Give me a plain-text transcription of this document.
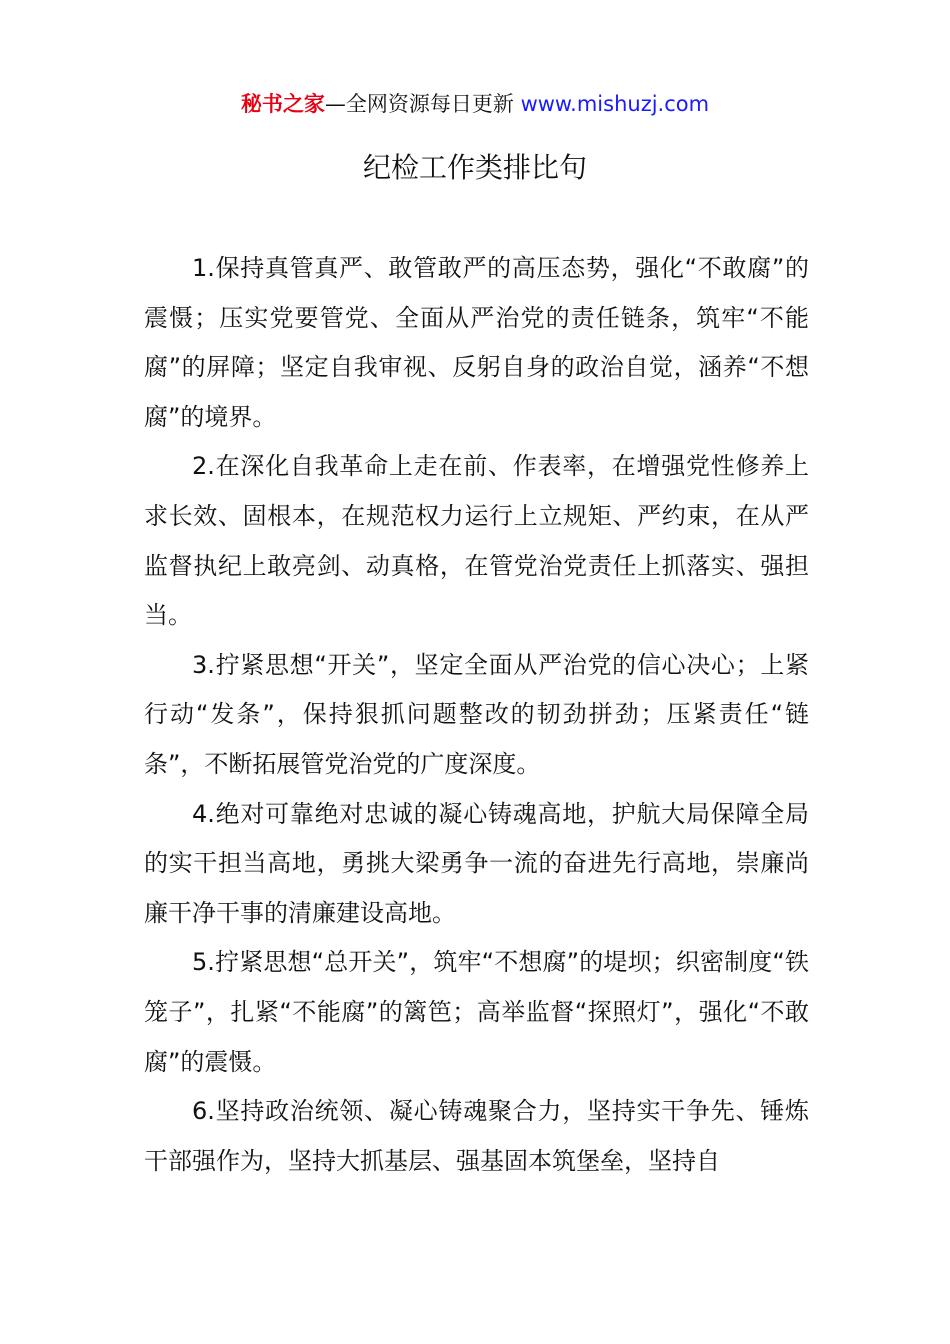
秘书之家—全网资源每日更新 www.mishuzj.com
纪检工作类排比句

1.保持真管真严、敢管敢严的高压态势，强化“不敢腐”的震慑；压实党要管党、全面从严治党的责任链条，筑牢“不能腐”的屏障；坚定自我审视、反躬自身的政治自觉，涵养“不想腐”的境界。

2.在深化自我革命上走在前、作表率，在增强党性修养上求长效、固根本，在规范权力运行上立规矩、严约束，在从严监督执纪上敢亮剑、动真格，在管党治党责任上抓落实、强担当。

3.拧紧思想“开关”，坚定全面从严治党的信心决心；上紧行动“发条”，保持狠抓问题整改的韧劲拼劲；压紧责任“链条”，不断拓展管党治党的广度深度。

4.绝对可靠绝对忠诚的凝心铸魂高地，护航大局保障全局的实干担当高地，勇挑大梁勇争一流的奋进先行高地，崇廉尚廉干净干事的清廉建设高地。

5.拧紧思想“总开关”，筑牢“不想腐”的堤坝；织密制度“铁笼子”，扎紧“不能腐”的篱笆；高举监督“探照灯”，强化“不敢腐”的震慑。

6.坚持政治统领、凝心铸魂聚合力，坚持实干争先、锤炼干部强作为，坚持大抓基层、强基固本筑堡垒，坚持自
